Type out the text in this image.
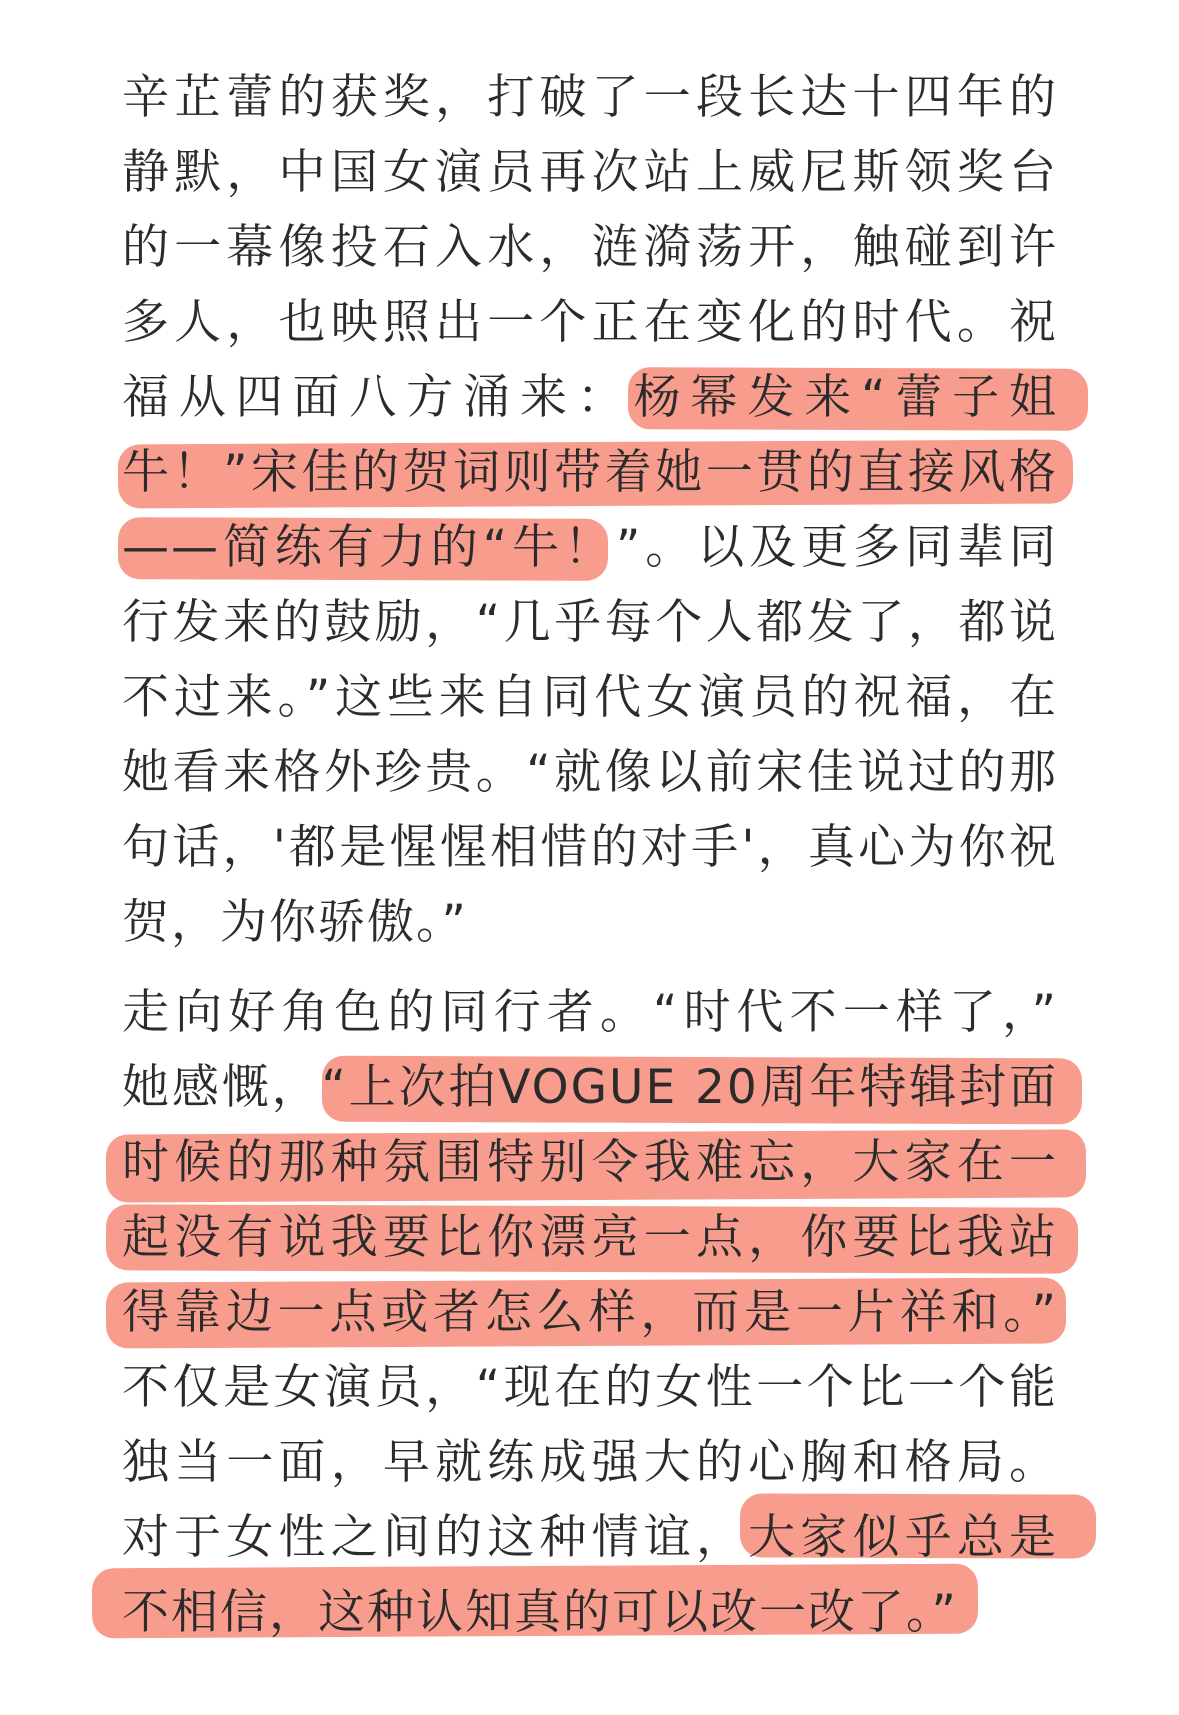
辛芷蕾的获奖，打破了一段长达十四年的
静默，中国女演员再次站上威尼斯领奖台
的一幕像投石入水，涟漪荡开，触碰到许
多人，也映照出一个正在变化的时代。祝
福从四面八方涌来：杨幂发来“蕾子姐
牛！”宋佳的贺词则带着她一贯的直接风格
——简练有力的“牛！”。以及更多同辈同
行发来的鼓励，“几乎每个人都发了，都说
不过来。”这些来自同代女演员的祝福，在
她看来格外珍贵。“就像以前宋佳说过的那
句话，'都是惺惺相惜的对手'，真心为你祝
贺，为你骄傲。”
走向好角色的同行者。“时代不一样了，”
她感慨，“上次拍VOGUE 20周年特辑封面
时候的那种氛围特别令我难忘，大家在一
起没有说我要比你漂亮一点，你要比我站
得靠边一点或者怎么样，而是一片祥和。”
不仅是女演员，“现在的女性一个比一个能
独当一面，早就练成强大的心胸和格局。
对于女性之间的这种情谊，大家似乎总是
不相信，这种认知真的可以改一改了。”
